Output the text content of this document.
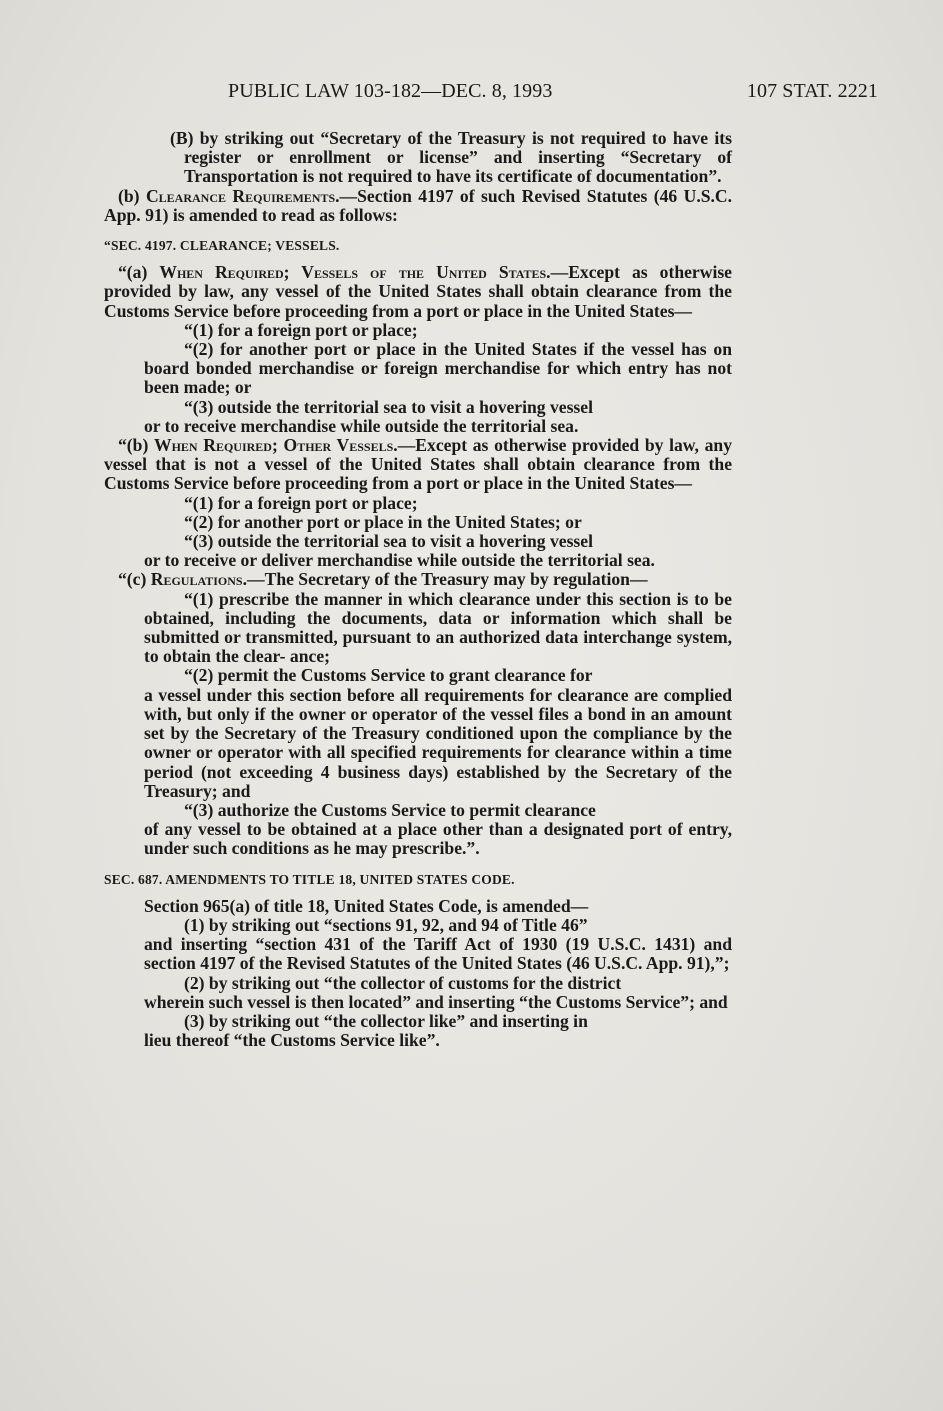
PUBLIC LAW 103-182—DEC. 8, 1993	107 STAT. 2221

(B) by striking out “Secretary of the Treasury is not required to have its register or enrollment or license” and inserting “Secretary of Transportation is not required to have its certificate of documentation”.

(b) Clearance Requirements.—Section 4197 of such Revised Statutes (46 U.S.C. App. 91) is amended to read as follows:

“SEC. 4197. CLEARANCE; VESSELS.

“(a) When Required; Vessels of the United States.—Except as otherwise provided by law, any vessel of the United States shall obtain clearance from the Customs Service before proceeding from a port or place in the United States—

“(1) for a foreign port or place;

“(2) for another port or place in the United States if the vessel has on board bonded merchandise or foreign merchandise for which entry has not been made; or

“(3) outside the territorial sea to visit a hovering vessel

or to receive merchandise while outside the territorial sea.

“(b) When Required; Other Vessels.—Except as otherwise provided by law, any vessel that is not a vessel of the United States shall obtain clearance from the Customs Service before proceeding from a port or place in the United States—

“(1) for a foreign port or place;

“(2) for another port or place in the United States; or

“(3) outside the territorial sea to visit a hovering vessel

or to receive or deliver merchandise while outside the territorial sea.

“(c) Regulations.—The Secretary of the Treasury may by regulation—

“(1) prescribe the manner in which clearance under this section is to be obtained, including the documents, data or information which shall be submitted or transmitted, pursuant to an authorized data interchange system, to obtain the clear- ance;

“(2) permit the Customs Service to grant clearance for

a vessel under this section before all requirements for clearance are complied with, but only if the owner or operator of the vessel files a bond in an amount set by the Secretary of the Treasury conditioned upon the compliance by the owner or operator with all specified requirements for clearance within a time period (not exceeding 4 business days) established by the Secretary of the Treasury; and

“(3) authorize the Customs Service to permit clearance

of any vessel to be obtained at a place other than a designated port of entry, under such conditions as he may prescribe.”.

SEC. 687. AMENDMENTS TO TITLE 18, UNITED STATES CODE.

Section 965(a) of title 18, United States Code, is amended—

(1) by striking out “sections 91, 92, and 94 of Title 46”

and inserting “section 431 of the Tariff Act of 1930 (19 U.S.C. 1431) and section 4197 of the Revised Statutes of the United States (46 U.S.C. App. 91),”;

(2) by striking out “the collector of customs for the district

wherein such vessel is then located” and inserting “the Customs Service”; and

(3) by striking out “the collector like” and inserting in

lieu thereof “the Customs Service like”.
